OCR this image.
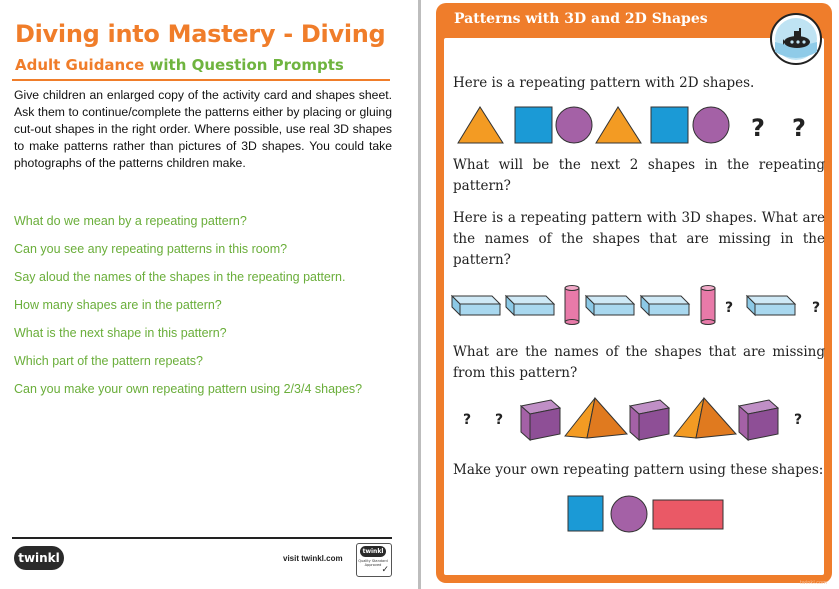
Diving into Mastery - Diving
Adult Guidance with Question Prompts
Give children an enlarged copy of the activity card and shapes sheet. Ask them to continue/complete the patterns either by placing or gluing cut-out shapes in the right order. Where possible, use real 3D shapes to make patterns rather than pictures of 3D shapes. You could take photographs of the patterns children make.
What do we mean by a repeating pattern?
Can you see any repeating patterns in this room?
Say aloud the names of the shapes in the repeating pattern.
How many shapes are in the pattern?
What is the next shape in this pattern?
Which part of the pattern repeats?
Can you make your own repeating pattern using 2/3/4 shapes?
twinkl	visit twinkl.com
twinkl
Quality Standard Approved ✓
Patterns with 3D and 2D Shapes
Here is a repeating pattern with 2D shapes.
? ?
What will be the next 2 shapes in the repeating pattern?
Here is a repeating pattern with 3D shapes. What are the names of the shapes that are missing in the pattern?
?	?
What are the names of the shapes that are missing from this pattern?
? ?	?
Make your own repeating pattern using these shapes:
twinkl.com
